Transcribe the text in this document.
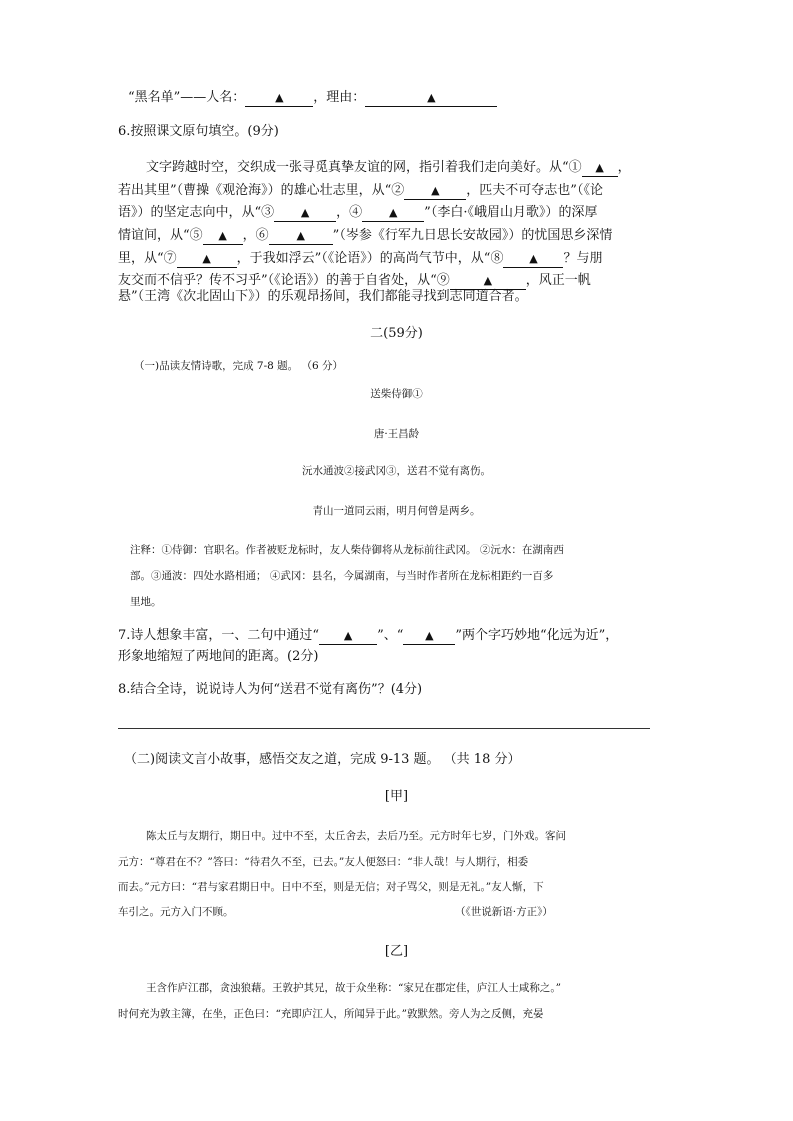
“黑名单”——人名：	▲ ，理由：	▲
6.按照课文原句填空。(9分)
文字跨越时空，交织成一张寻觅真挚友谊的网，指引着我们走向美好。从“① ▲ ，
若出其里”（曹操《观沧海》）的雄心壮志里，从“② ▲ ，匹夫不可夺志也”（《论
语》）的坚定志向中，从“③ ▲ ，④ ▲ ”（李白·《峨眉山月歌》）的深厚
情谊间，从“⑤ ▲ ，⑥	▲ ”（岑参《行军九日思长安故园》）的忧国思乡深情
里，从“⑦ ▲ ，于我如浮云”（《论语》）的高尚气节中，从“⑧ ▲ ？与朋
友交而不信乎？传不习乎”（《论语》）的善于自省处，从“⑨	▲	，风正一帆
悬”（王湾《次北固山下》）的乐观昂扬间，我们都能寻找到志同道合者。
二(59分)
（一)品读友情诗歌，完成 7-8 题。 （6 分）
送柴侍御①
唐·王昌龄
沅水通波②接武冈③，送君不觉有离伤。
青山一道同云雨，明月何曾是两乡。
注释：①侍御：官职名。作者被贬龙标时，友人柴侍御将从龙标前往武冈。 ②沅水：在湖南西
部。③通波：四处水路相通； ④武冈：县名，今属湖南，与当时作者所在龙标相距约一百多
里地。
7.诗人想象丰富，一、二句中通过“ ▲ ”、“ ▲ ”两个字巧妙地“化远为近”，
形象地缩短了两地间的距离。(2分)
8.结合全诗，说说诗人为何“送君不觉有离伤”？(4分)
（二)阅读文言小故事，感悟交友之道，完成 9-13 题。 （共 18 分）
[甲]
陈太丘与友期行，期日中。过中不至，太丘舍去，去后乃至。元方时年七岁，门外戏。客问
元方：“尊君在不？”答曰：“待君久不至，已去。”友人便怒曰：“非人哉！与人期行，相委
而去。”元方曰：“君与家君期日中。日中不至，则是无信；对子骂父，则是无礼。”友人惭，下
车引之。元方入门不顾。	（《世说新语·方正》）
[乙]
王含作庐江郡，贪浊狼藉。王敦护其兄，故于众坐称：“家兄在郡定佳，庐江人士咸称之。”
时何充为敦主簿，在坐，正色曰：“充即庐江人，所闻异于此。”敦默然。旁人为之反侧，充晏
